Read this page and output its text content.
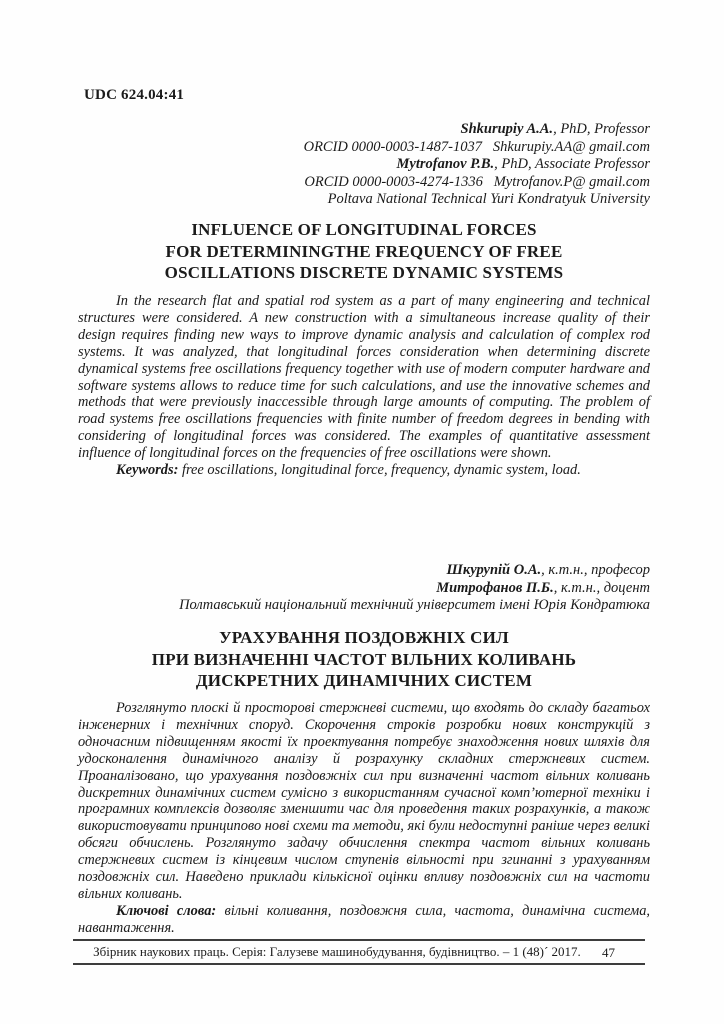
UDC 624.04:41
Shkurupiy A.A., PhD, Professor
ORCID 0000-0003-1487-1037   Shkurupiy.AA@ gmail.com
Mytrofanov P.B., PhD, Associate Professor
ORCID 0000-0003-4274-1336   Mytrofanov.P@ gmail.com
Poltava National Technical Yuri Kondratyuk University
INFLUENCE OF LONGITUDINAL FORCES
FOR DETERMININGTHE FREQUENCY OF FREE
OSCILLATIONS DISCRETE DYNAMIC SYSTEMS

In the research flat and spatial rod system as a part of many engineering and technical structures were considered. A new construction with a simultaneous increase quality of their design requires finding new ways to improve dynamic analysis and calculation of complex rod systems. It was analyzed, that longitudinal forces consideration when determining discrete dynamical systems free oscillations frequency together with use of modern computer hardware and software systems allows to reduce time for such calculations, and use the innovative schemes and methods that were previously inaccessible through large amounts of computing. The problem of road systems free oscillations frequencies with finite number of freedom degrees in bending with considering of longitudinal forces was considered. The examples of quantitative assessment influence of longitudinal forces on the frequencies of free oscillations were shown.

Keywords: free oscillations, longitudinal force, frequency, dynamic system, load.

Шкурупій О.А., к.т.н., професор
Митрофанов П.Б., к.т.н., доцент
Полтавський національний технічний університет імені Юрія Кондратюка
УРАХУВАННЯ ПОЗДОВЖНІХ СИЛ
ПРИ ВИЗНАЧЕННІ ЧАСТОТ ВІЛЬНИХ КОЛИВАНЬ
ДИСКРЕТНИХ ДИНАМІЧНИХ СИСТЕМ

Розглянуто плоскі й просторові стержневі системи, що входять до складу багатьох інженерних і технічних споруд. Скорочення строків розробки нових конструкцій з одночасним підвищенням якості їх проектування потребує знаходження нових шляхів для удосконалення динамічного аналізу й розрахунку складних стержневих систем. Проаналізовано, що урахування поздовжніх сил при визначенні частот вільних коливань дискретних динамічних систем сумісно з використанням сучасної комп’ютерної техніки і програмних комплексів дозволяє зменшити час для проведення таких розрахунків, а також використовувати принципово нові схеми та методи, які були недоступні раніше через великі обсяги обчислень. Розглянуто задачу обчислення спектра частот вільних коливань стержневих систем із кінцевим числом ступенів вільності при згинанні з урахуванням поздовжніх сил. Наведено приклади кількісної оцінки впливу поздовжніх сил на частоти вільних коливань.

Ключові слова: вільні коливання, поздовжня сила, частота, динамічна система, навантаження.

Збірник наукових праць. Серія: Галузеве машинобудування, будівництво. – 1 (48)´ 2017.	47
